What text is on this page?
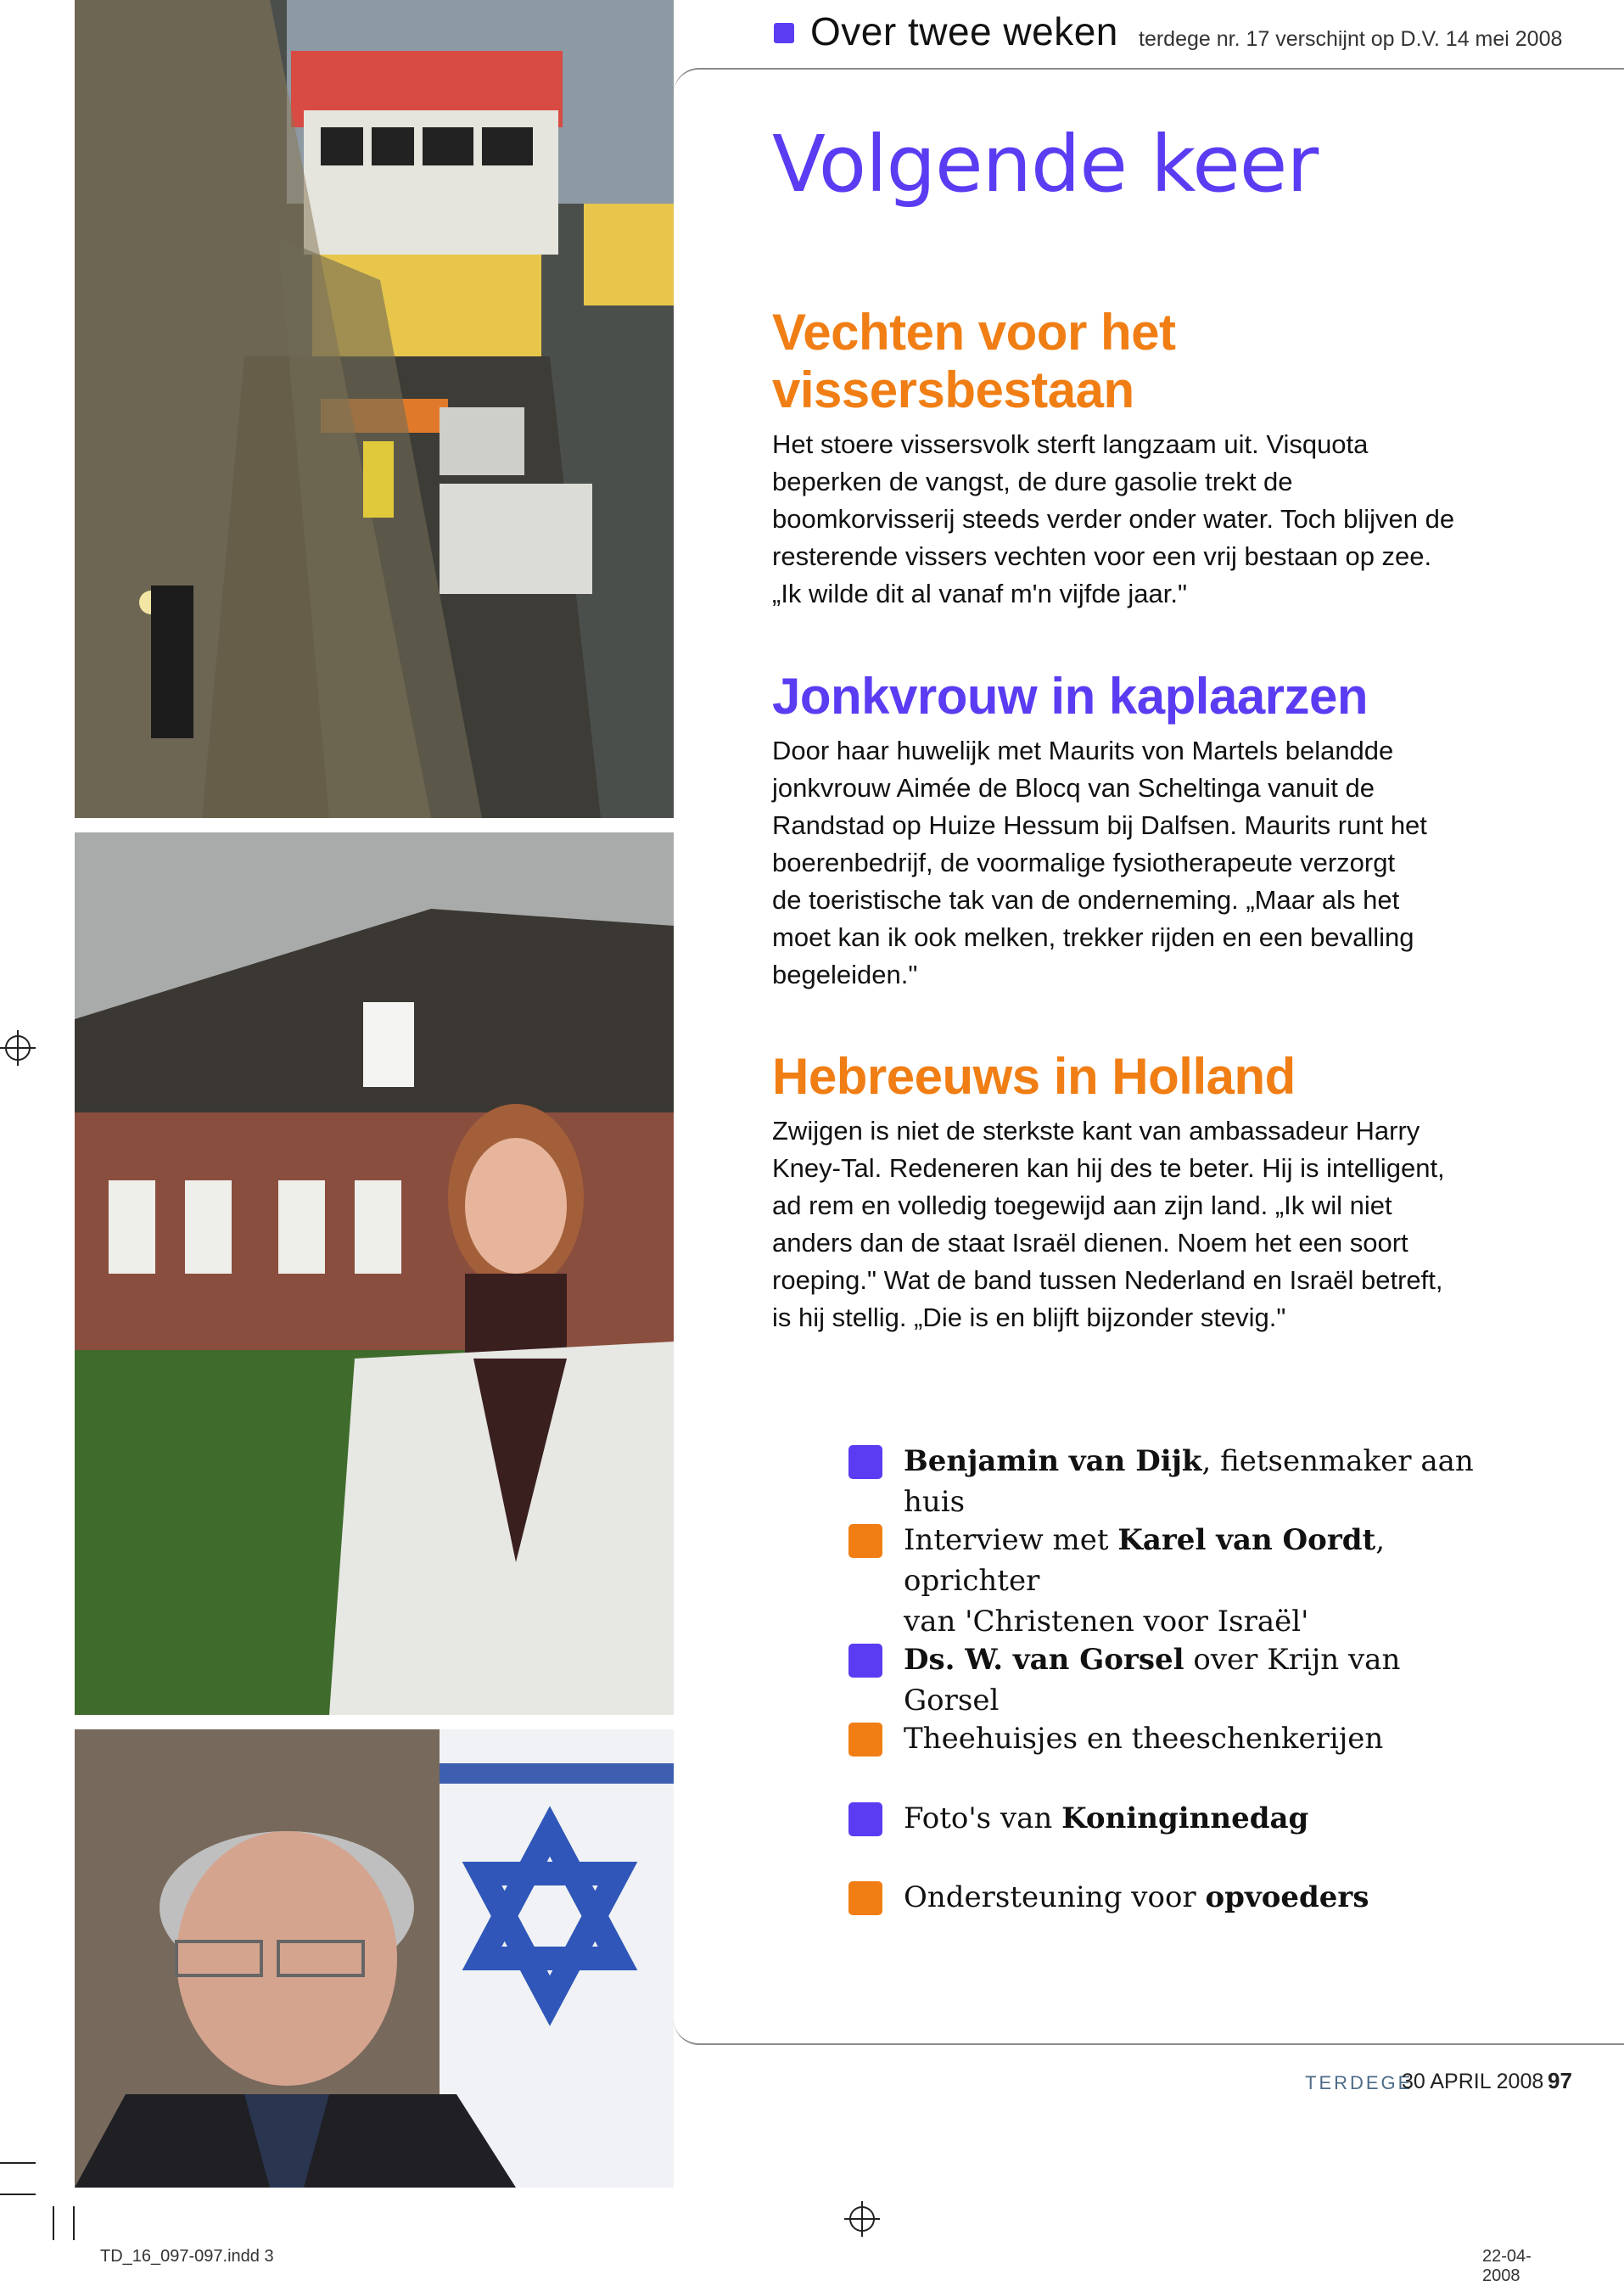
Over twee weken terdege nr. 17 verschijnt op D.V. 14 mei 2008
Volgende keer
Vechten voor het
vissersbestaan
Het stoere vissersvolk sterft langzaam uit. Visquota
beperken de vangst, de dure gasolie trekt de
boomkorvisserij steeds verder onder water. Toch blijven de
resterende vissers vechten voor een vrij bestaan op zee.
„Ik wilde dit al vanaf m'n vijfde jaar."
Jonkvrouw in kaplaarzen
Door haar huwelijk met Maurits von Martels belandde
jonkvrouw Aimée de Blocq van Scheltinga vanuit de
Randstad op Huize Hessum bij Dalfsen. Maurits runt het
boerenbedrijf, de voormalige fysiotherapeute verzorgt
de toeristische tak van de onderneming. „Maar als het
moet kan ik ook melken, trekker rijden en een bevalling
begeleiden."
Hebreeuws in Holland
Zwijgen is niet de sterkste kant van ambassadeur Harry
Kney-Tal. Redeneren kan hij des te beter. Hij is intelligent,
ad rem en volledig toegewijd aan zijn land. „Ik wil niet
anders dan de staat Israël dienen. Noem het een soort
roeping." Wat de band tussen Nederland en Israël betreft,
is hij stellig. „Die is en blijft bijzonder stevig."
Benjamin van Dijk, fietsenmaker aan huis
Interview met Karel van Oordt, oprichter
van 'Christenen voor Israël'
Ds. W. van Gorsel over Krijn van Gorsel
Theehuisjes en theeschenkerijen
Foto's van Koninginnedag
Ondersteuning voor opvoeders
TERDEGE
30 APRIL 2008 97
TD_16_097-097.indd 3	22-04-2008
